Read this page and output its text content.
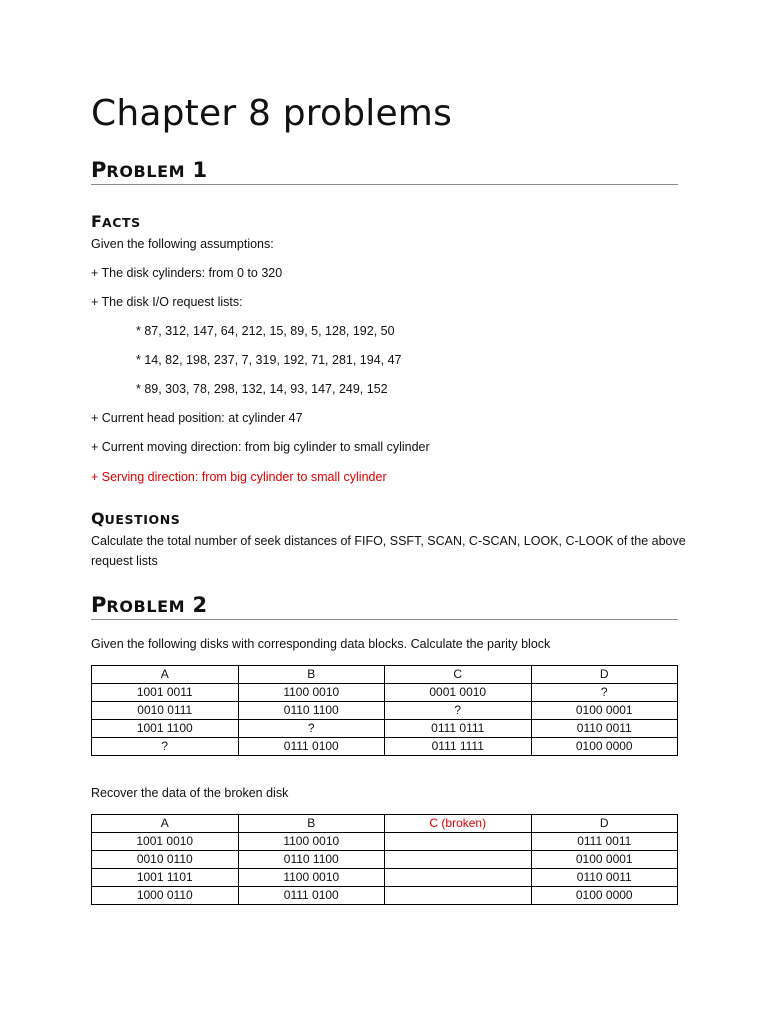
Chapter 8 problems
PROBLEM 1
FACTS

Given the following assumptions:

+ The disk cylinders: from 0 to 320

+ The disk I/O request lists:

* 87, 312, 147, 64, 212, 15, 89, 5, 128, 192, 50

* 14, 82, 198, 237, 7, 319, 192, 71, 281, 194, 47

* 89, 303, 78, 298, 132, 14, 93, 147, 249, 152

+ Current head position: at cylinder 47

+ Current moving direction: from big cylinder to small cylinder

+ Serving direction: from big cylinder to small cylinder

QUESTIONS

Calculate the total number of seek distances of FIFO, SSFT, SCAN, C-SCAN, LOOK, C-LOOK of the above

request lists

PROBLEM 2

Given the following disks with corresponding data blocks. Calculate the parity block

A	B	C	D
1001 0011	1100 0010	0001 0010	?
0010 0111	0110 1100	?	0100 0001
1001 1100	?	0111 0111	0110 0011
?	0111 0100	0111 1111	0100 0000

Recover the data of the broken disk

A	B	C (broken)	D
1001 0010	1100 0010		0111 0011
0010 0110	0110 1100		0100 0001
1001 1101	1100 0010		0110 0011
1000 0110	0111 0100		0100 0000
